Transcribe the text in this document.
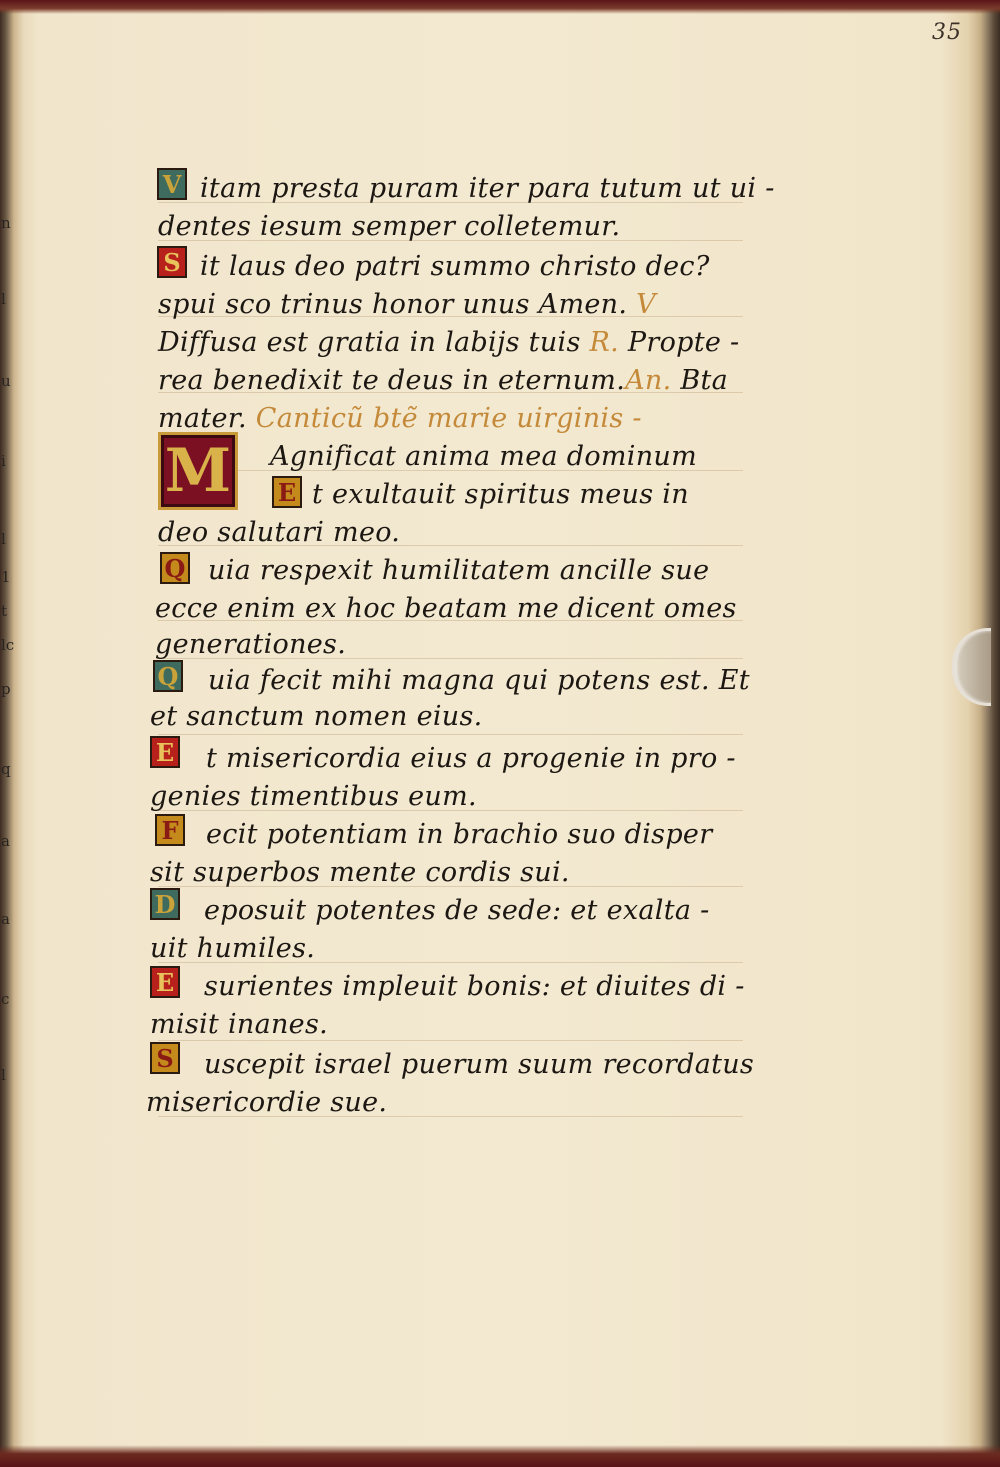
n
l
u
i
l
1
t
lc
p
q
a
a
c
l
35
V
S
M E
Q
Q
E
F
D
E
S
itam presta puram iter para tutum ut ui -
dentes iesum semper colletemur.
it laus deo patri summo christo dec?
spui sco trinus honor unus Amen. V
Diffusa est gratia in labijs tuis R. Propte -
rea benedixit te deus in eternum.An. Bta
mater. Canticũ btẽ marie uirginis -
Agnificat anima mea dominum
t exultauit spiritus meus in
deo salutari meo.
uia respexit humilitatem ancille sue
ecce enim ex hoc beatam me dicent omes
generationes.
uia fecit mihi magna qui potens est. Et
et sanctum nomen eius.
t misericordia eius a progenie in pro -
genies timentibus eum.
ecit potentiam in brachio suo disper
sit superbos mente cordis sui.
eposuit potentes de sede: et exalta -
uit humiles.
surientes impleuit bonis: et diuites di -
misit inanes.
uscepit israel puerum suum recordatus
misericordie sue.
